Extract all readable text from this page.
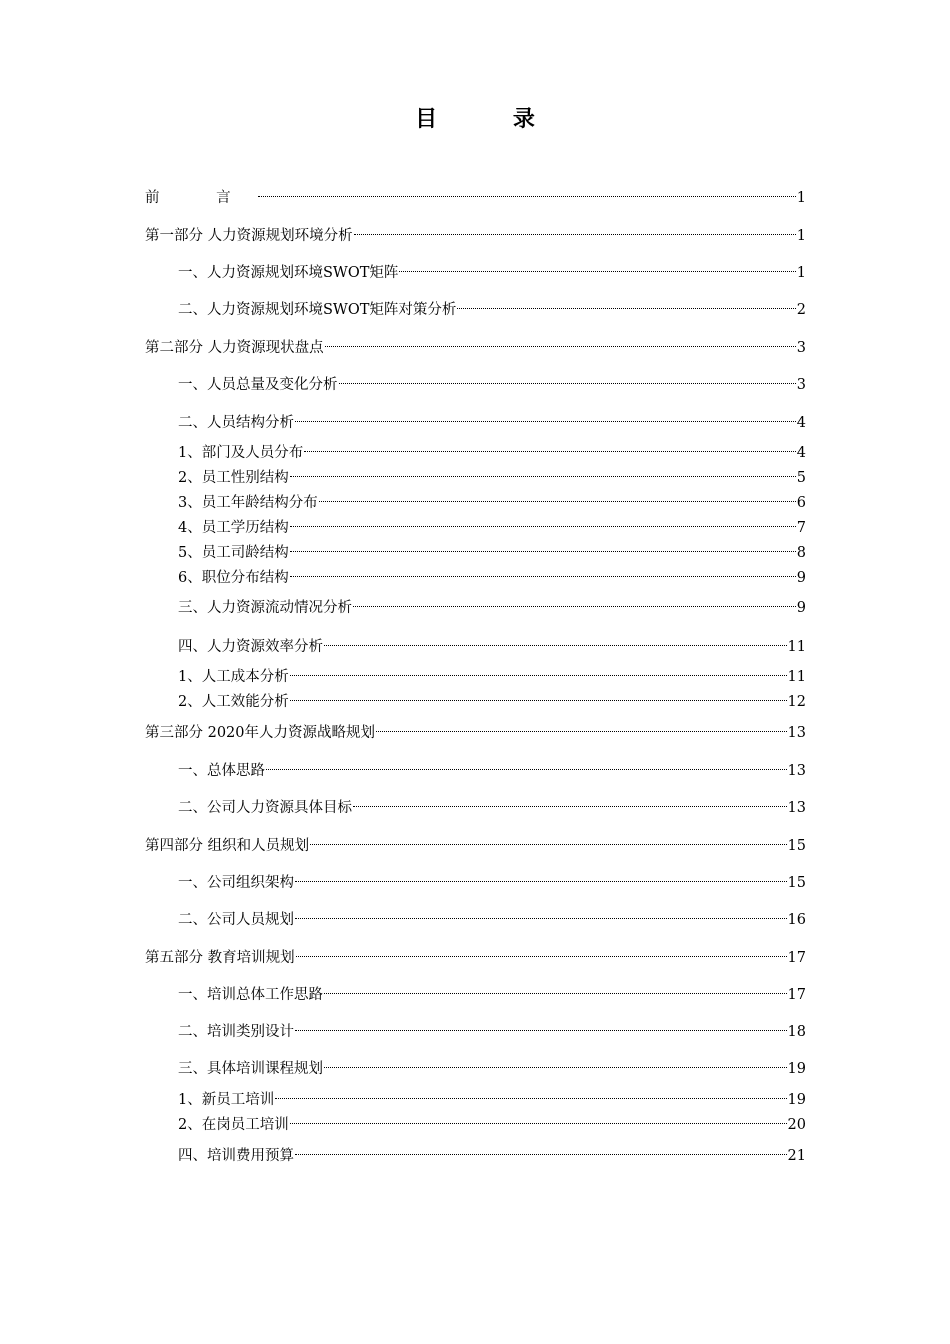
目 录
前 言	1
第一部分 人力资源规划环境分析	1
一、人力资源规划环境SWOT矩阵	1
二、人力资源规划环境SWOT矩阵对策分析	2
第二部分 人力资源现状盘点	3
一、人员总量及变化分析	3
二、人员结构分析	4
1、部门及人员分布	4
2、员工性别结构	5
3、员工年龄结构分布	6
4、员工学历结构	7
5、员工司龄结构	8
6、职位分布结构	9
三、人力资源流动情况分析	9
四、人力资源效率分析	11
1、人工成本分析	11
2、人工效能分析	12
第三部分 2020年人力资源战略规划	13
一、总体思路	13
二、公司人力资源具体目标	13
第四部分 组织和人员规划	15
一、公司组织架构	15
二、公司人员规划	16
第五部分 教育培训规划	17
一、培训总体工作思路	17
二、培训类别设计	18
三、具体培训课程规划	19
1、新员工培训	19
2、在岗员工培训	20
四、培训费用预算	21
